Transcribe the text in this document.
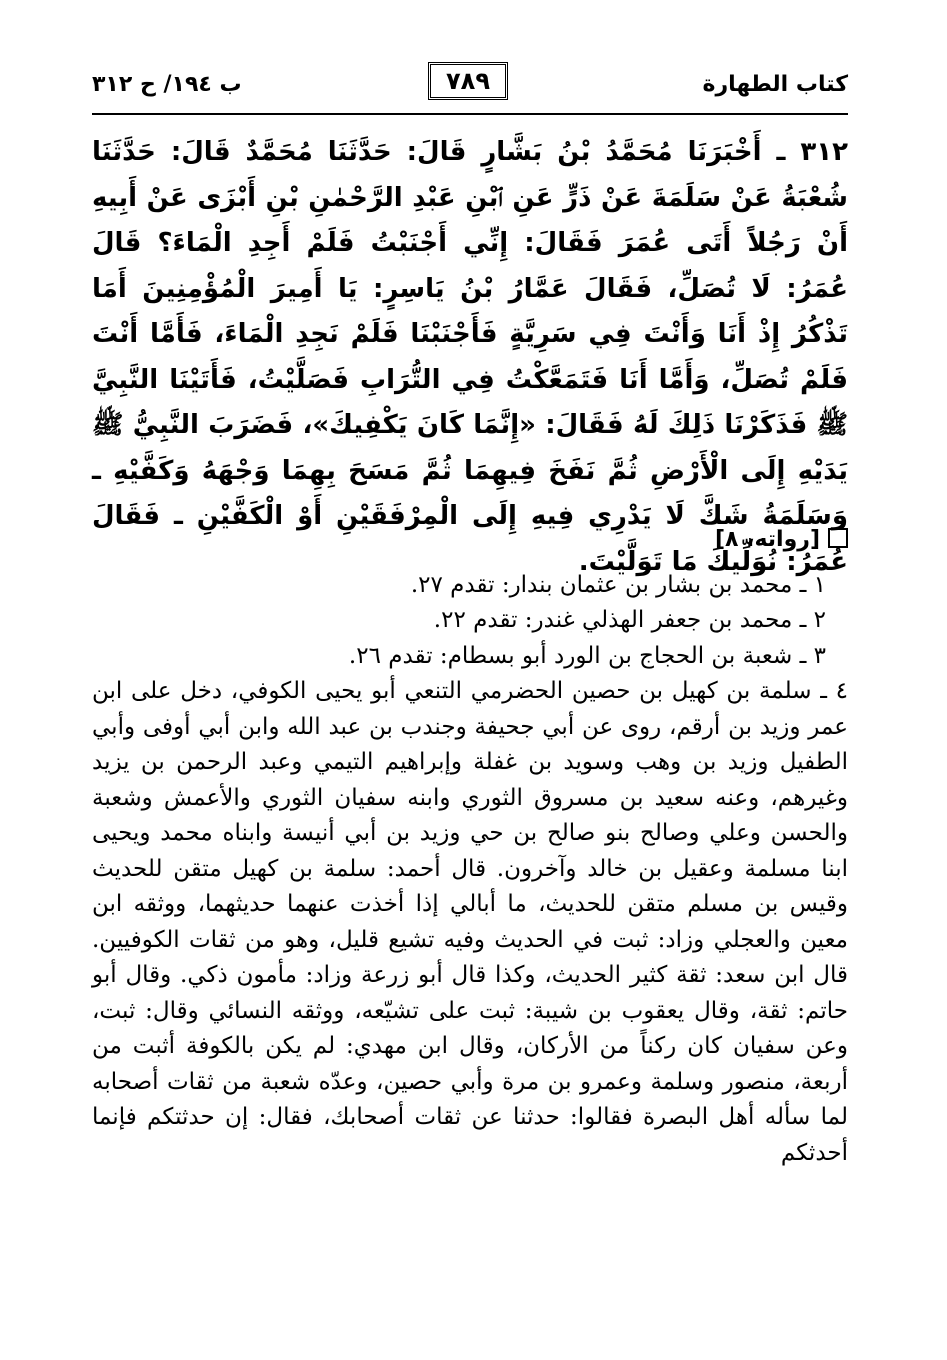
كتاب الطهارة
٧٨٩
ب ١٩٤/ ح ٣١٢
٣١٢ ـ أَخْبَرَنَا مُحَمَّدُ بْنُ بَشَّارٍ قَالَ: حَدَّثَنَا مُحَمَّدٌ قَالَ: حَدَّثَنَا شُعْبَةُ عَنْ سَلَمَةَ عَنْ ذَرٍّ عَنِ ٱبْنِ عَبْدِ الرَّحْمٰنِ بْنِ أَبْزَى عَنْ أَبِيهِ أَنْ رَجُلاً أَتَى عُمَرَ فَقَالَ: إِنِّي أَجْنَبْتُ فَلَمْ أَجِدِ الْمَاءَ؟ قَالَ عُمَرُ: لَا تُصَلِّ، فَقَالَ عَمَّارُ بْنُ يَاسِرٍ: يَا أَمِيرَ الْمُؤْمِنِينَ أَمَا تَذْكُرُ إِذْ أَنَا وَأَنْتَ فِي سَرِيَّةٍ فَأَجْنَبْنَا فَلَمْ نَجِدِ الْمَاءَ، فَأَمَّا أَنْتَ فَلَمْ تُصَلِّ، وَأَمَّا أَنَا فَتَمَعَّكْتُ فِي التُّرَابِ فَصَلَّيْتُ، فَأَتَيْنَا النَّبِيَّ ﷺ فَذَكَرْنَا ذَلِكَ لَهُ فَقَالَ: «إِنَّمَا كَانَ يَكْفِيكَ»، فَضَرَبَ النَّبِيُّ ﷺ يَدَيْهِ إِلَى الْأَرْضِ ثُمَّ نَفَخَ فِيهِمَا ثُمَّ مَسَحَ بِهِمَا وَجْهَهُ وَكَفَّيْهِ ـ وَسَلَمَةُ شَكَّ لَا يَدْرِي فِيهِ إِلَى الْمِرْفَقَيْنِ أَوْ الْكَفَّيْنِ ـ فَقَالَ عُمَرُ: نُوَلِّيكَ مَا تَوَلَّيْتَ.
[رواته، ٨]
١ ـ محمد بن بشار بن عثمان بندار: تقدم ٢٧.
٢ ـ محمد بن جعفر الهذلي غندر: تقدم ٢٢.
٣ ـ شعبة بن الحجاج بن الورد أبو بسطام: تقدم ٢٦.

٤ ـ سلمة بن كهيل بن حصين الحضرمي التنعي أبو يحيى الكوفي، دخل على ابن عمر وزيد بن أرقم، روى عن أبي جحيفة وجندب بن عبد الله وابن أبي أوفى وأبي الطفيل وزيد بن وهب وسويد بن غفلة وإبراهيم التيمي وعبد الرحمن بن يزيد وغيرهم، وعنه سعيد بن مسروق الثوري وابنه سفيان الثوري والأعمش وشعبة والحسن وعلي وصالح بنو صالح بن حي وزيد بن أبي أنيسة وابناه محمد ويحيى ابنا مسلمة وعقيل بن خالد وآخرون. قال أحمد: سلمة بن كهيل متقن للحديث وقيس بن مسلم متقن للحديث، ما أبالي إذا أخذت عنهما حديثهما، ووثقه ابن معين والعجلي وزاد: ثبت في الحديث وفيه تشيع قليل، وهو من ثقات الكوفيين. قال ابن سعد: ثقة كثير الحديث، وكذا قال أبو زرعة وزاد: مأمون ذكي. وقال أبو حاتم: ثقة، وقال يعقوب بن شيبة: ثبت على تشيّعه، ووثقه النسائي وقال: ثبت، وعن سفيان كان ركناً من الأركان، وقال ابن مهدي: لم يكن بالكوفة أثبت من أربعة، منصور وسلمة وعمرو بن مرة وأبي حصين، وعدّه شعبة من ثقات أصحابه لما سأله أهل البصرة فقالوا: حدثنا عن ثقات أصحابك، فقال: إن حدثتكم فإنما أحدثكم
